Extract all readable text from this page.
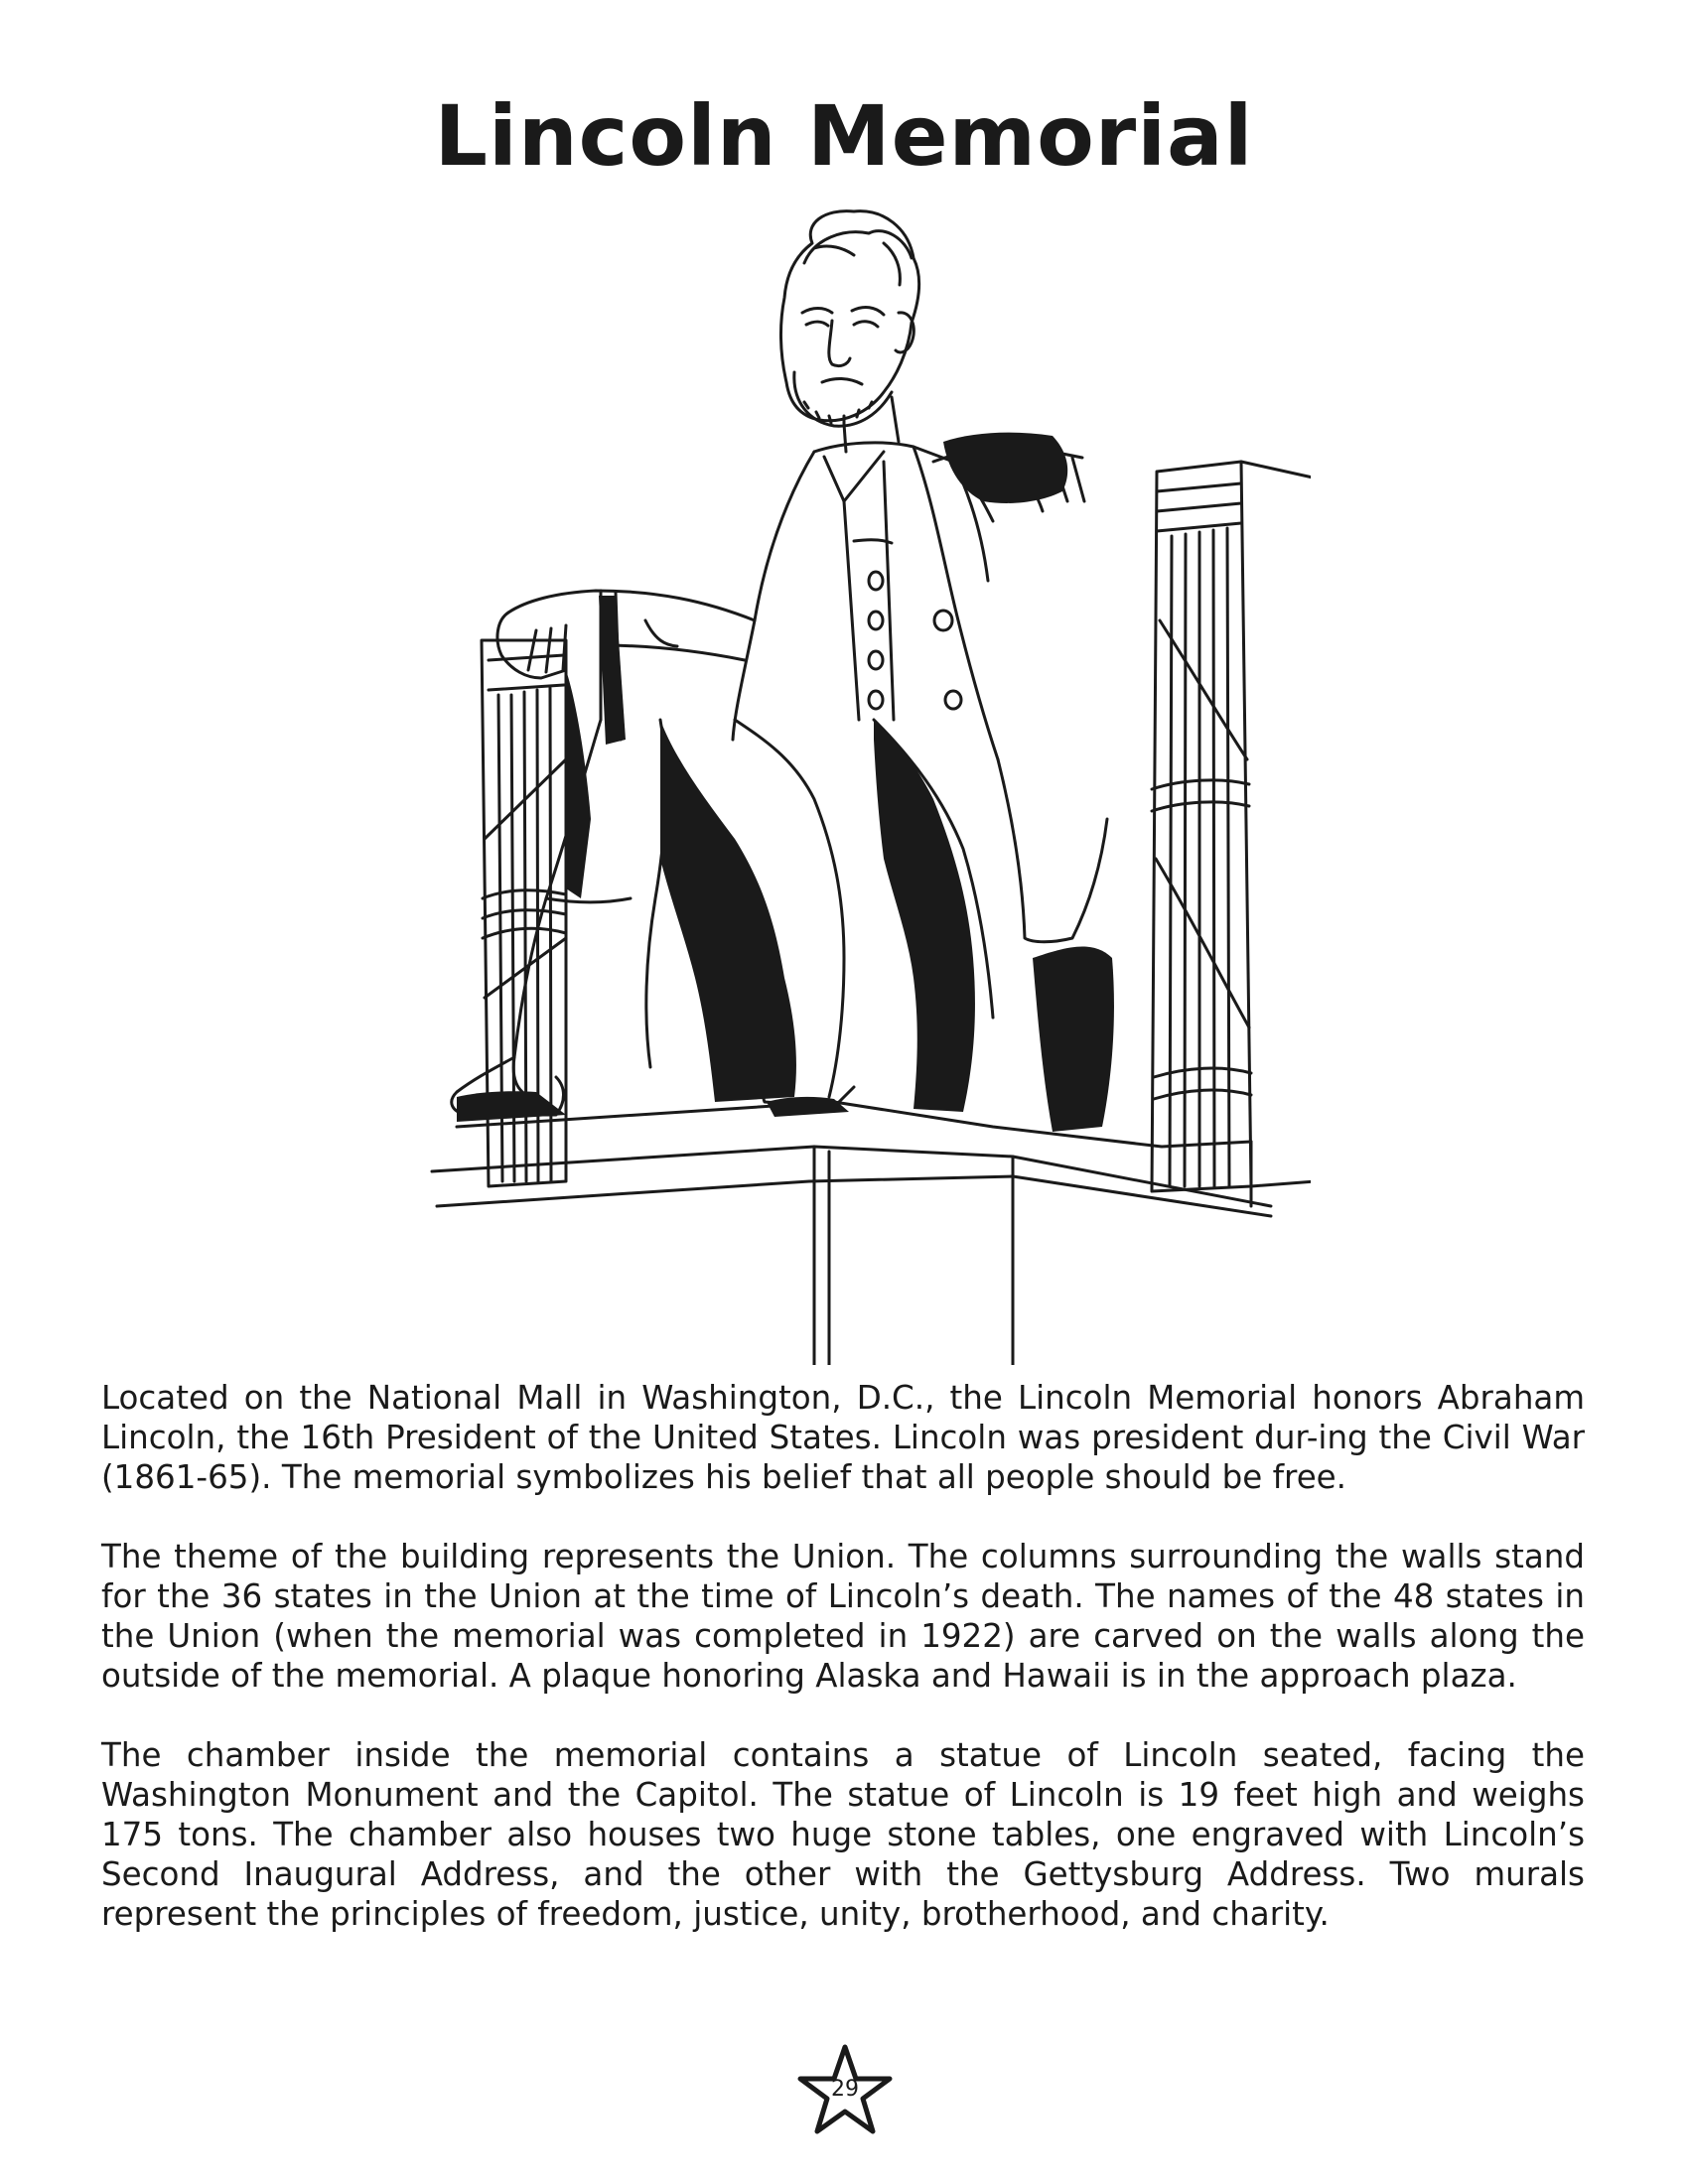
Lincoln Memorial

Located on the National Mall in Washington, D.C., the Lincoln Memorial honors Abraham Lincoln, the 16th President of the United States. Lincoln was president dur-ing the Civil War (1861-65). The memorial symbolizes his belief that all people should be free.

The theme of the building represents the Union. The columns surrounding the walls stand for the 36 states in the Union at the time of Lincoln’s death. The names of the 48 states in the Union (when the memorial was completed in 1922) are carved on the walls along the outside of the memorial. A plaque honoring Alaska and Hawaii is in the approach plaza.

The chamber inside the memorial contains a statue of Lincoln seated, facing the Washington Monument and the Capitol. The statue of Lincoln is 19 feet high and weighs 175 tons. The chamber also houses two huge stone tables, one engraved with Lincoln’s Second Inaugural Address, and the other with the Gettysburg Address. Two murals represent the principles of freedom, justice, unity, brotherhood, and charity.

29
